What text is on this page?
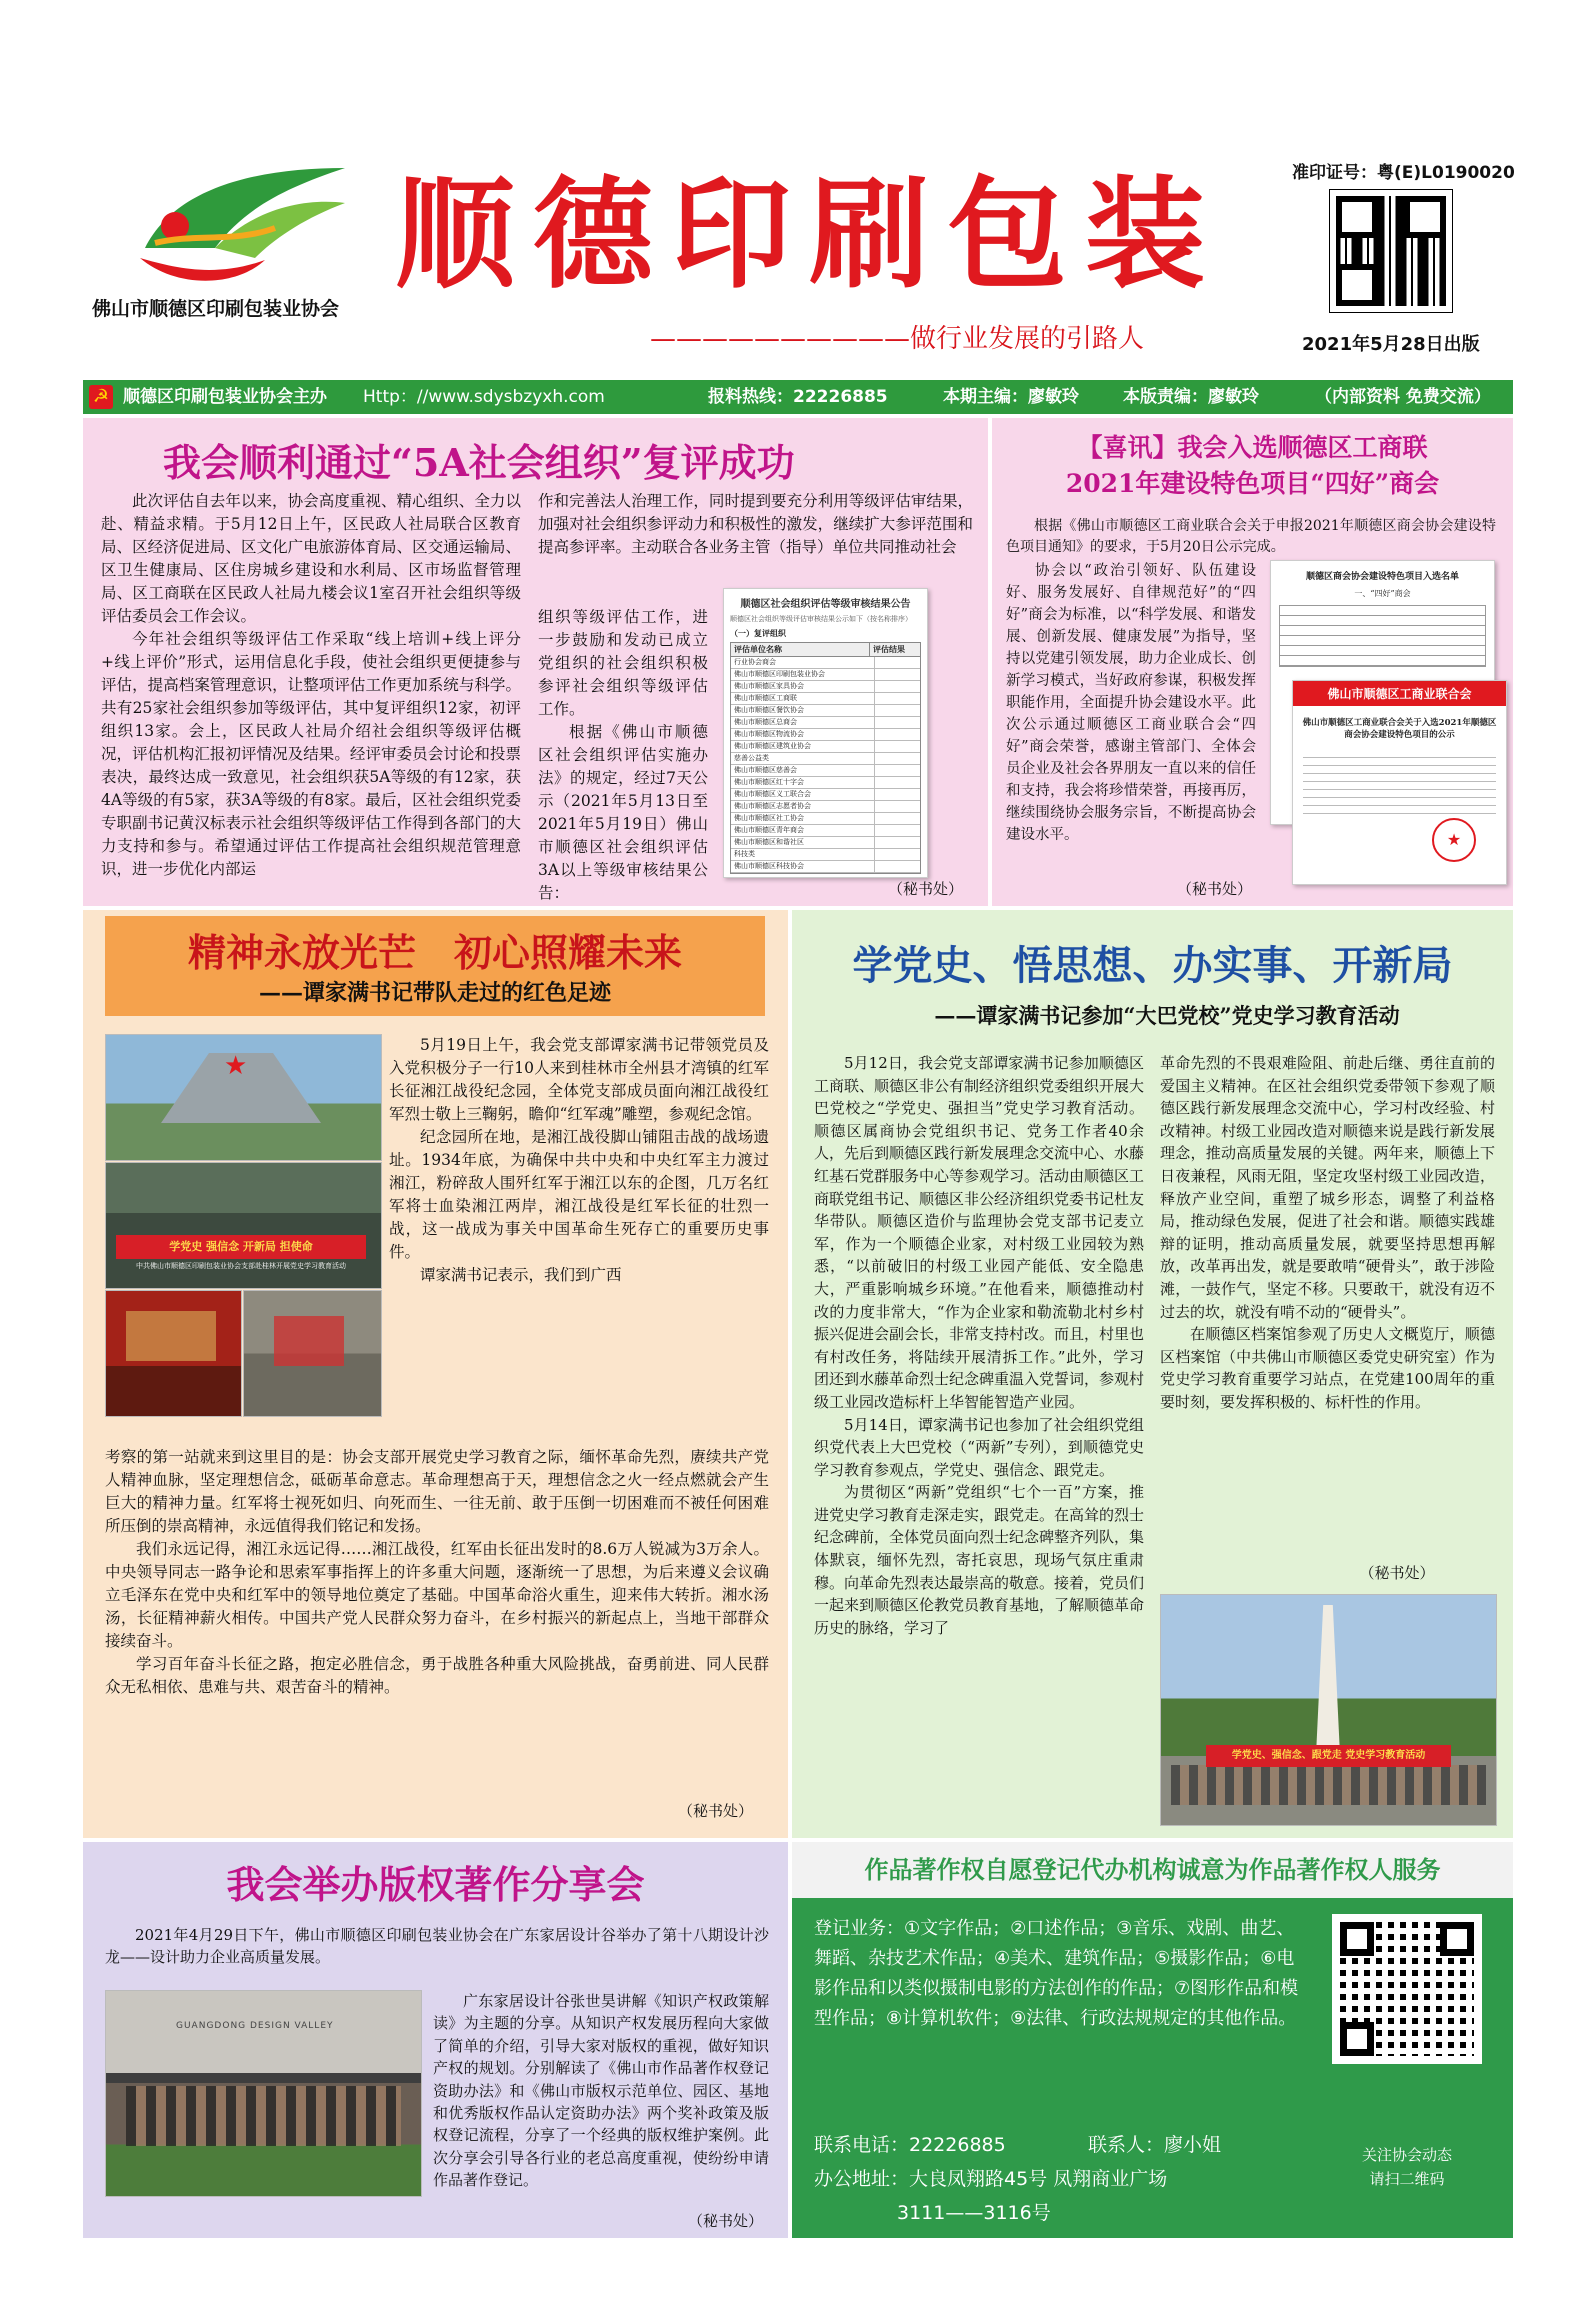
佛山市顺德区印刷包装业协会
顺德印刷包装
——————————做行业发展的引路人
准印证号：粤(E)L0190020
2021年5月28日出版
☭ 顺德区印刷包装业协会主办 Http：//www.sdysbzyxh.com	报料热线：22226885	本期主编：廖敏玲	本版责编：廖敏玲	（内部资料 免费交流）
我会顺利通过“5A社会组织”复评成功

此次评估自去年以来，协会高度重视、精心组织、全力以赴、精益求精。于5月12日上午，区民政人社局联合区教育局、区经济促进局、区文化广电旅游体育局、区交通运输局、区卫生健康局、区住房城乡建设和水利局、区市场监督管理局、区工商联在区民政人社局九楼会议1室召开社会组织等级评估委员会工作会议。

今年社会组织等级评估工作采取“线上培训+线上评分+线上评价”形式，运用信息化手段，使社会组织更便捷参与评估，提高档案管理意识，让整项评估工作更加系统与科学。共有25家社会组织参加等级评估，其中复评组织12家，初评组织13家。会上，区民政人社局介绍社会组织等级评估概况，评估机构汇报初评情况及结果。经评审委员会讨论和投票表决，最终达成一致意见，社会组织获5A等级的有12家，获4A等级的有5家，获3A等级的有8家。最后，区社会组织党委专职副书记黄汉标表示社会组织等级评估工作得到各部门的大力支持和参与。希望通过评估工作提高社会组织规范管理意识，进一步优化内部运

作和完善法人治理工作，同时提到要充分利用等级评估审结果，加强对社会组织参评动力和积极性的激发，继续扩大参评范围和提高参评率。主动联合各业务主管（指导）单位共同推动社会

组织等级评估工作，进一步鼓励和发动已成立党组织的社会组织积极参评社会组织等级评估工作。

根据《佛山市顺德区社会组织评估实施办法》的规定，经过7天公示（2021年5月13日至2021年5月19日）佛山市顺德区社会组织评估3A以上等级审核结果公告：

顺德区社会组织评估等级审核结果公告
顺德区社会组织等级评估审核结果公示如下（按名称排序）
（一）复评组织
评估单位名称	评估结果
行业协会商会
佛山市顺德区印刷包装业协会
佛山市顺德区家具协会
佛山市顺德区工商联
佛山市顺德区餐饮协会
佛山市顺德区总商会
佛山市顺德区物流协会
佛山市顺德区建筑业协会
慈善公益类
佛山市顺德区慈善会
佛山市顺德区红十字会
佛山市顺德区义工联合会
佛山市顺德区志愿者协会
佛山市顺德区社工协会
佛山市顺德区青年商会
佛山市顺德区和谐社区
科技类
佛山市顺德区科技协会
（秘书处）
【喜讯】我会入选顺德区工商联
2021年建设特色项目“四好”商会

根据《佛山市顺德区工商业联合会关于申报2021年顺德区商会协会建设特色项目通知》的要求，于5月20日公示完成。

协会以“政治引领好、队伍建设好、服务发展好、自律规范好”的“四好”商会为标准，以“科学发展、和谐发展、创新发展、健康发展”为指导，坚持以党建引领发展，助力企业成长、创新学习模式，当好政府参谋，积极发挥职能作用，全面提升协会建设水平。此次公示通过顺德区工商业联合会“四好”商会荣誉，感谢主管部门、全体会员企业及社会各界朋友一直以来的信任和支持，我会将珍惜荣誉，再接再厉，继续围绕协会服务宗旨，不断提高协会建设水平。

顺德区商会协会建设特色项目入选名单
一、“四好”商会
佛山市顺德区工商业联合会
佛山市顺德区工商业联合会关于入选2021年顺德区商会协会建设特色项目的公示
★
（秘书处）
精神永放光芒　初心照耀未来
——谭家满书记带队走过的红色足迹
★
学党史 强信念 开新局 担使命
中共佛山市顺德区印刷包装业协会支部赴桂林开展党史学习教育活动

5月19日上午，我会党支部谭家满书记带领党员及入党积极分子一行10人来到桂林市全州县才湾镇的红军长征湘江战役纪念园，全体党支部成员面向湘江战役红军烈士敬上三鞠躬，瞻仰“红军魂”雕塑，参观纪念馆。

纪念园所在地，是湘江战役脚山铺阻击战的战场遗址。1934年底，为确保中共中央和中央红军主力渡过湘江，粉碎敌人围歼红军于湘江以东的企图，几万名红军将士血染湘江两岸，湘江战役是红军长征的壮烈一战，这一战成为事关中国革命生死存亡的重要历史事件。

谭家满书记表示，我们到广西

考察的第一站就来到这里目的是：协会支部开展党史学习教育之际，缅怀革命先烈，赓续共产党人精神血脉，坚定理想信念，砥砺革命意志。革命理想高于天，理想信念之火一经点燃就会产生巨大的精神力量。红军将士视死如归、向死而生、一往无前、敢于压倒一切困难而不被任何困难所压倒的崇高精神，永远值得我们铭记和发扬。

我们永远记得，湘江永远记得……湘江战役，红军由长征出发时的8.6万人锐减为3万余人。中央领导同志一路争论和思索军事指挥上的许多重大问题，逐渐统一了思想，为后来遵义会议确立毛泽东在党中央和红军中的领导地位奠定了基础。中国革命浴火重生，迎来伟大转折。湘水汤汤，长征精神薪火相传。中国共产党人民群众努力奋斗，在乡村振兴的新起点上，当地干部群众接续奋斗。

学习百年奋斗长征之路，抱定必胜信念，勇于战胜各种重大风险挑战，奋勇前进、同人民群众无私相依、患难与共、艰苦奋斗的精神。

（秘书处）
学党史、悟思想、办实事、开新局
——谭家满书记参加“大巴党校”党史学习教育活动

5月12日，我会党支部谭家满书记参加顺德区工商联、顺德区非公有制经济组织党委组织开展大巴党校之“学党史、强担当”党史学习教育活动。顺德区属商协会党组织书记、党务工作者40余人，先后到顺德区践行新发展理念交流中心、水藤红基石党群服务中心等参观学习。活动由顺德区工商联党组书记、顺德区非公经济组织党委书记杜友华带队。顺德区造价与监理协会党支部书记麦立军，作为一个顺德企业家，对村级工业园较为熟悉，“以前破旧的村级工业园产能低、安全隐患大，严重影响城乡环境。”在他看来，顺德推动村改的力度非常大，“作为企业家和勒流勒北村乡村振兴促进会副会长，非常支持村改。而且，村里也有村改任务，将陆续开展清拆工作。”此外，学习团还到水藤革命烈士纪念碑重温入党誓词，参观村级工业园改造标杆上华智能智造产业园。

5月14日，谭家满书记也参加了社会组织党组织党代表上大巴党校（“两新”专列），到顺德党史学习教育参观点，学党史、强信念、跟党走。

为贯彻区“两新”党组织“七个一百”方案，推进党史学习教育走深走实，跟党走。在高耸的烈士纪念碑前，全体党员面向烈士纪念碑整齐列队，集体默哀，缅怀先烈，寄托哀思，现场气氛庄重肃穆。向革命先烈表达最崇高的敬意。接着，党员们一起来到顺德区伦教党员教育基地，了解顺德革命历史的脉络，学习了

革命先烈的不畏艰难险阻、前赴后继、勇往直前的爱国主义精神。在区社会组织党委带领下参观了顺德区践行新发展理念交流中心，学习村改经验、村改精神。村级工业园改造对顺德来说是践行新发展理念，推动高质量发展的关键。两年来，顺德上下日夜兼程，风雨无阻，坚定攻坚村级工业园改造，释放产业空间，重塑了城乡形态，调整了利益格局，推动绿色发展，促进了社会和谐。顺德实践雄辩的证明，推动高质量发展，就要坚持思想再解放，改革再出发，就是要敢啃“硬骨头”，敢于涉险滩，一鼓作气，坚定不移。只要敢干，就没有迈不过去的坎，就没有啃不动的“硬骨头”。

在顺德区档案馆参观了历史人文概览厅，顺德区档案馆（中共佛山市顺德区委党史研究室）作为党史学习教育重要学习站点，在党建100周年的重要时刻，要发挥积极的、标杆性的作用。

（秘书处）
学党史、强信念、跟党走 党史学习教育活动
我会举办版权著作分享会

2021年4月29日下午，佛山市顺德区印刷包装业协会在广东家居设计谷举办了第十八期设计沙龙——设计助力企业高质量发展。

GUANGDONG DESIGN VALLEY

广东家居设计谷张世昊讲解《知识产权政策解读》为主题的分享。从知识产权发展历程向大家做了简单的介绍，引导大家对版权的重视，做好知识产权的规划。分别解读了《佛山市作品著作权登记资助办法》和《佛山市版权示范单位、园区、基地和优秀版权作品认定资助办法》两个奖补政策及版权登记流程，分享了一个经典的版权维护案例。此次分享会引导各行业的老总高度重视，使纷纷申请作品著作登记。

（秘书处）
作品著作权自愿登记代办机构诚意为作品著作权人服务
登记业务：①文字作品；②口述作品；③音乐、戏剧、曲艺、舞蹈、杂技艺术作品；④美术、建筑作品；⑤摄影作品；⑥电影作品和以类似摄制电影的方法创作的作品；⑦图形作品和模型作品；⑧计算机软件；⑨法律、行政法规规定的其他作品。
联系电话：22226885	联系人：廖小姐
办公地址：大良凤翔路45号 凤翔商业广场
3111——3116号
关注协会动态
请扫二维码
